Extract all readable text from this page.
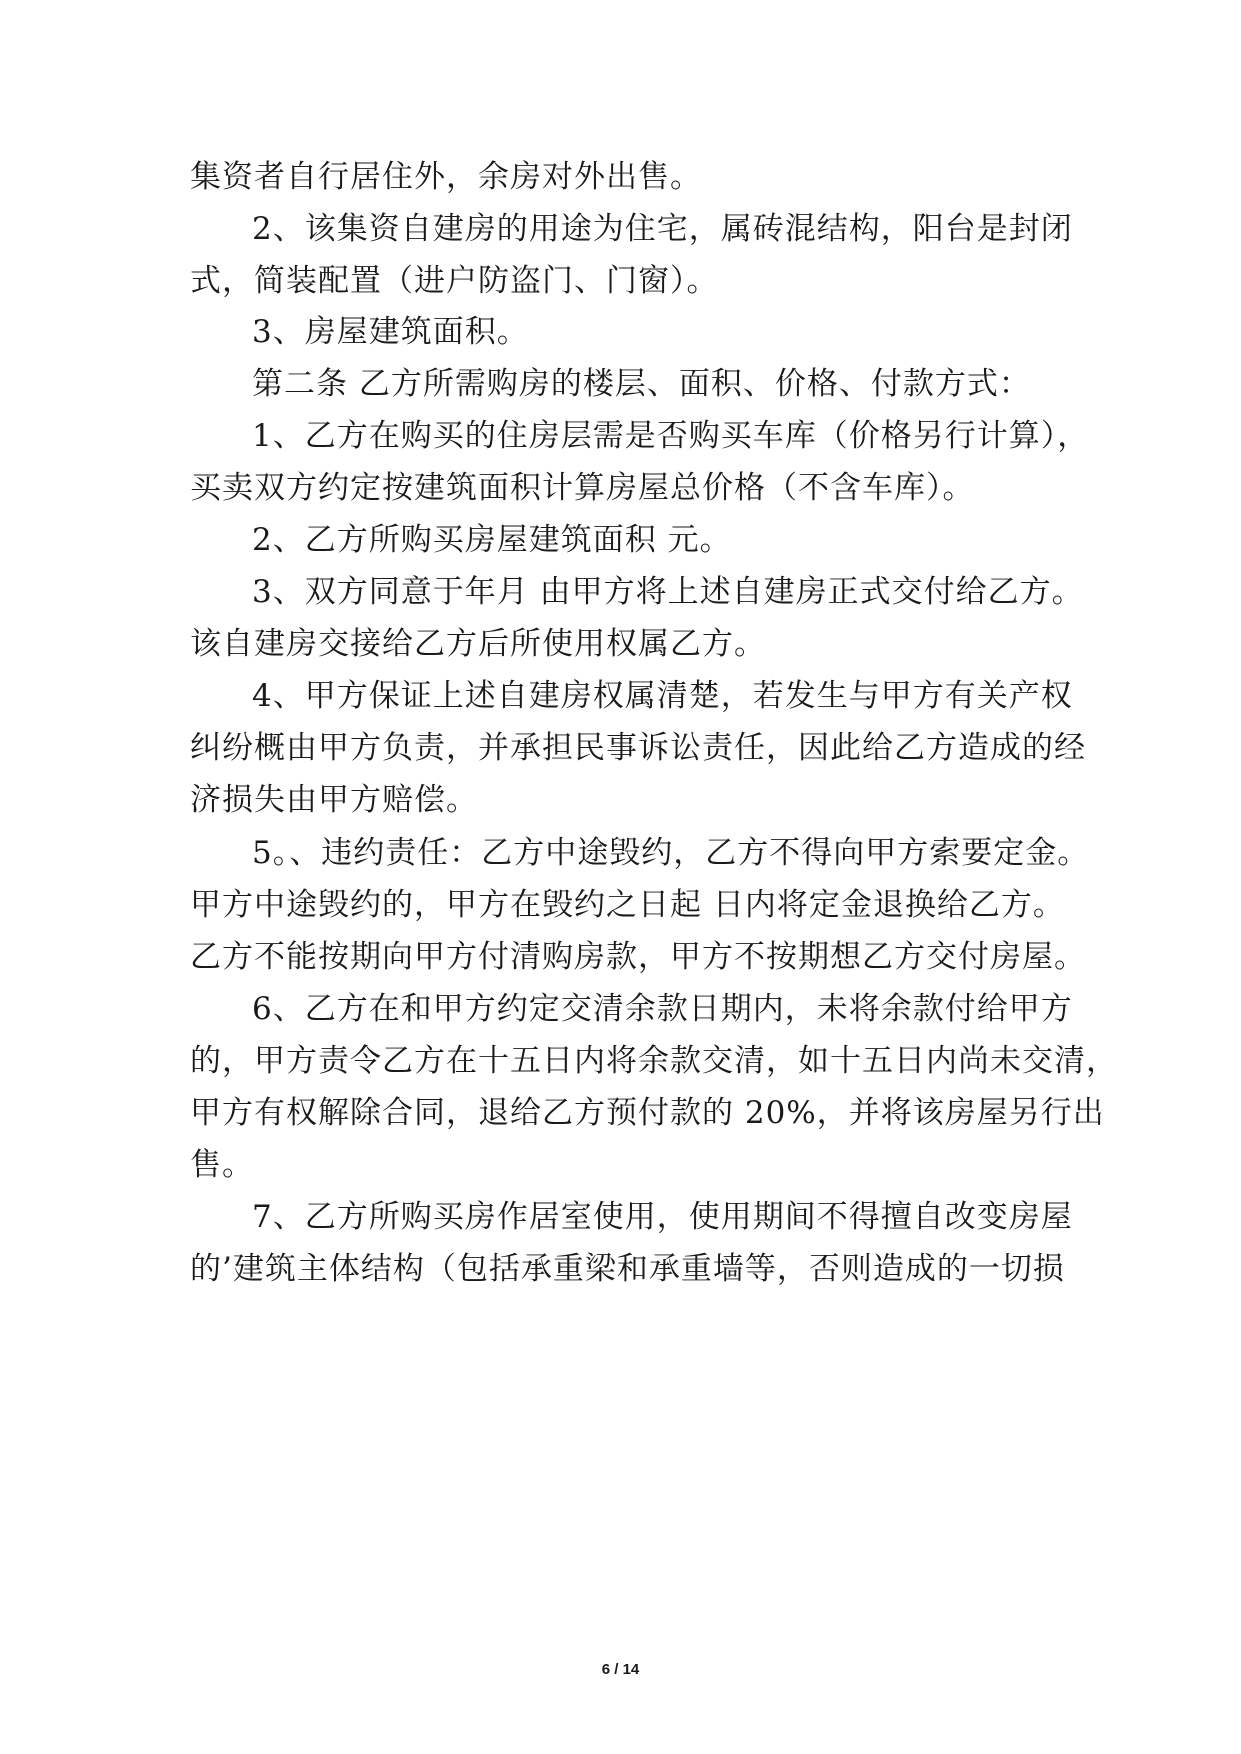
集资者自行居住外，余房对外出售。
2、该集资自建房的用途为住宅，属砖混结构，阳台是封闭
式，简装配置（进户防盗门、门窗）。
3、房屋建筑面积。
第二条 乙方所需购房的楼层、面积、价格、付款方式：
1、乙方在购买的住房层需是否购买车库（价格另行计算），
买卖双方约定按建筑面积计算房屋总价格（不含车库）。
2、乙方所购买房屋建筑面积 元。
3、双方同意于年月 由甲方将上述自建房正式交付给乙方。
该自建房交接给乙方后所使用权属乙方。
4、甲方保证上述自建房权属清楚，若发生与甲方有关产权
纠纷概由甲方负责，并承担民事诉讼责任，因此给乙方造成的经
济损失由甲方赔偿。
5。、违约责任：乙方中途毁约，乙方不得向甲方索要定金。
甲方中途毁约的，甲方在毁约之日起 日内将定金退换给乙方。
乙方不能按期向甲方付清购房款，甲方不按期想乙方交付房屋。
6、乙方在和甲方约定交清余款日期内，未将余款付给甲方
的，甲方责令乙方在十五日内将余款交清，如十五日内尚未交清，
甲方有权解除合同，退给乙方预付款的 20%，并将该房屋另行出
售。
7、乙方所购买房作居室使用，使用期间不得擅自改变房屋
的’建筑主体结构（包括承重梁和承重墙等，否则造成的一切损
6 / 14
